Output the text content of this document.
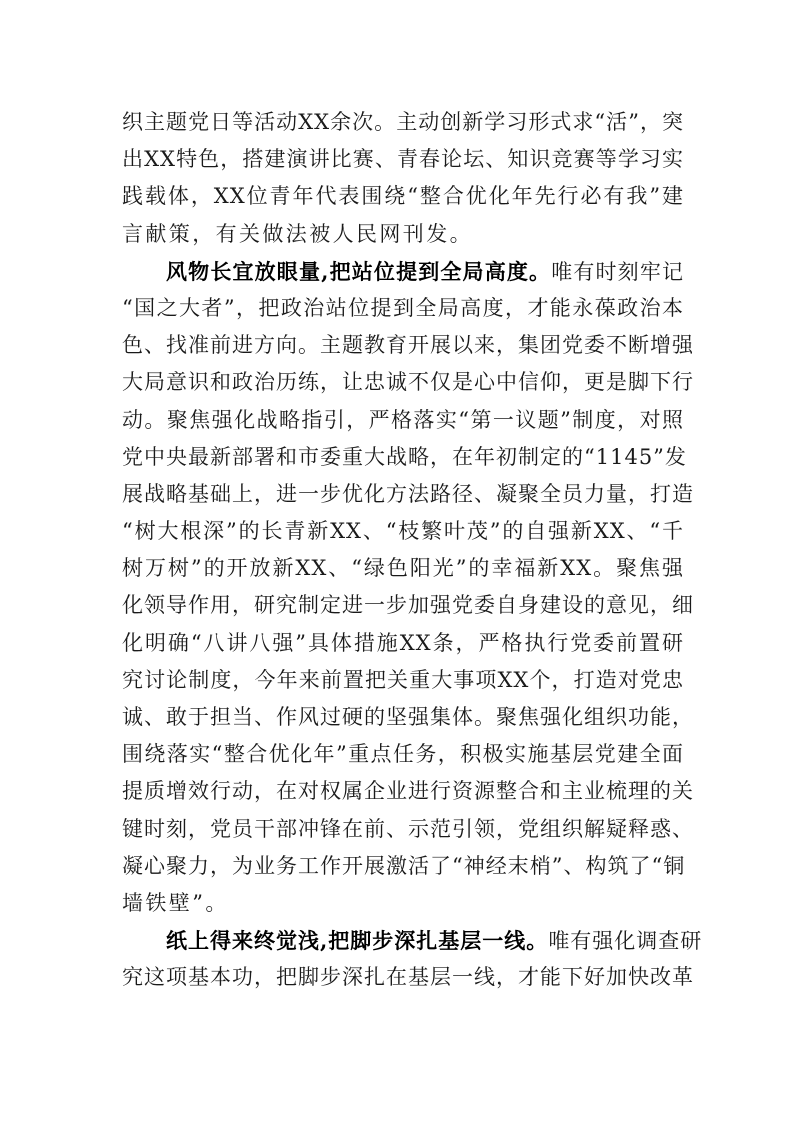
织主题党日等活动XX余次。主动创新学习形式求“活”，突
出XX特色，搭建演讲比赛、青春论坛、知识竞赛等学习实
践载体，XX位青年代表围绕“整合优化年先行必有我”建
言献策，有关做法被人民网刊发。
风物长宜放眼量,把站位提到全局高度。唯有时刻牢记
“国之大者”，把政治站位提到全局高度，才能永葆政治本
色、找准前进方向。主题教育开展以来，集团党委不断增强
大局意识和政治历练，让忠诚不仅是心中信仰，更是脚下行
动。聚焦强化战略指引，严格落实“第一议题”制度，对照
党中央最新部署和市委重大战略，在年初制定的“1145”发
展战略基础上，进一步优化方法路径、凝聚全员力量，打造
“树大根深”的长青新XX、“枝繁叶茂”的自强新XX、“千
树万树”的开放新XX、“绿色阳光”的幸福新XX。聚焦强
化领导作用，研究制定进一步加强党委自身建设的意见，细
化明确“八讲八强”具体措施XX条，严格执行党委前置研
究讨论制度，今年来前置把关重大事项XX个，打造对党忠
诚、敢于担当、作风过硬的坚强集体。聚焦强化组织功能，
围绕落实“整合优化年”重点任务，积极实施基层党建全面
提质增效行动，在对权属企业进行资源整合和主业梳理的关
键时刻，党员干部冲锋在前、示范引领，党组织解疑释惑、
凝心聚力，为业务工作开展激活了“神经末梢”、构筑了“铜
墙铁壁”。
纸上得来终觉浅,把脚步深扎基层一线。唯有强化调查研
究这项基本功，把脚步深扎在基层一线，才能下好加快改革
